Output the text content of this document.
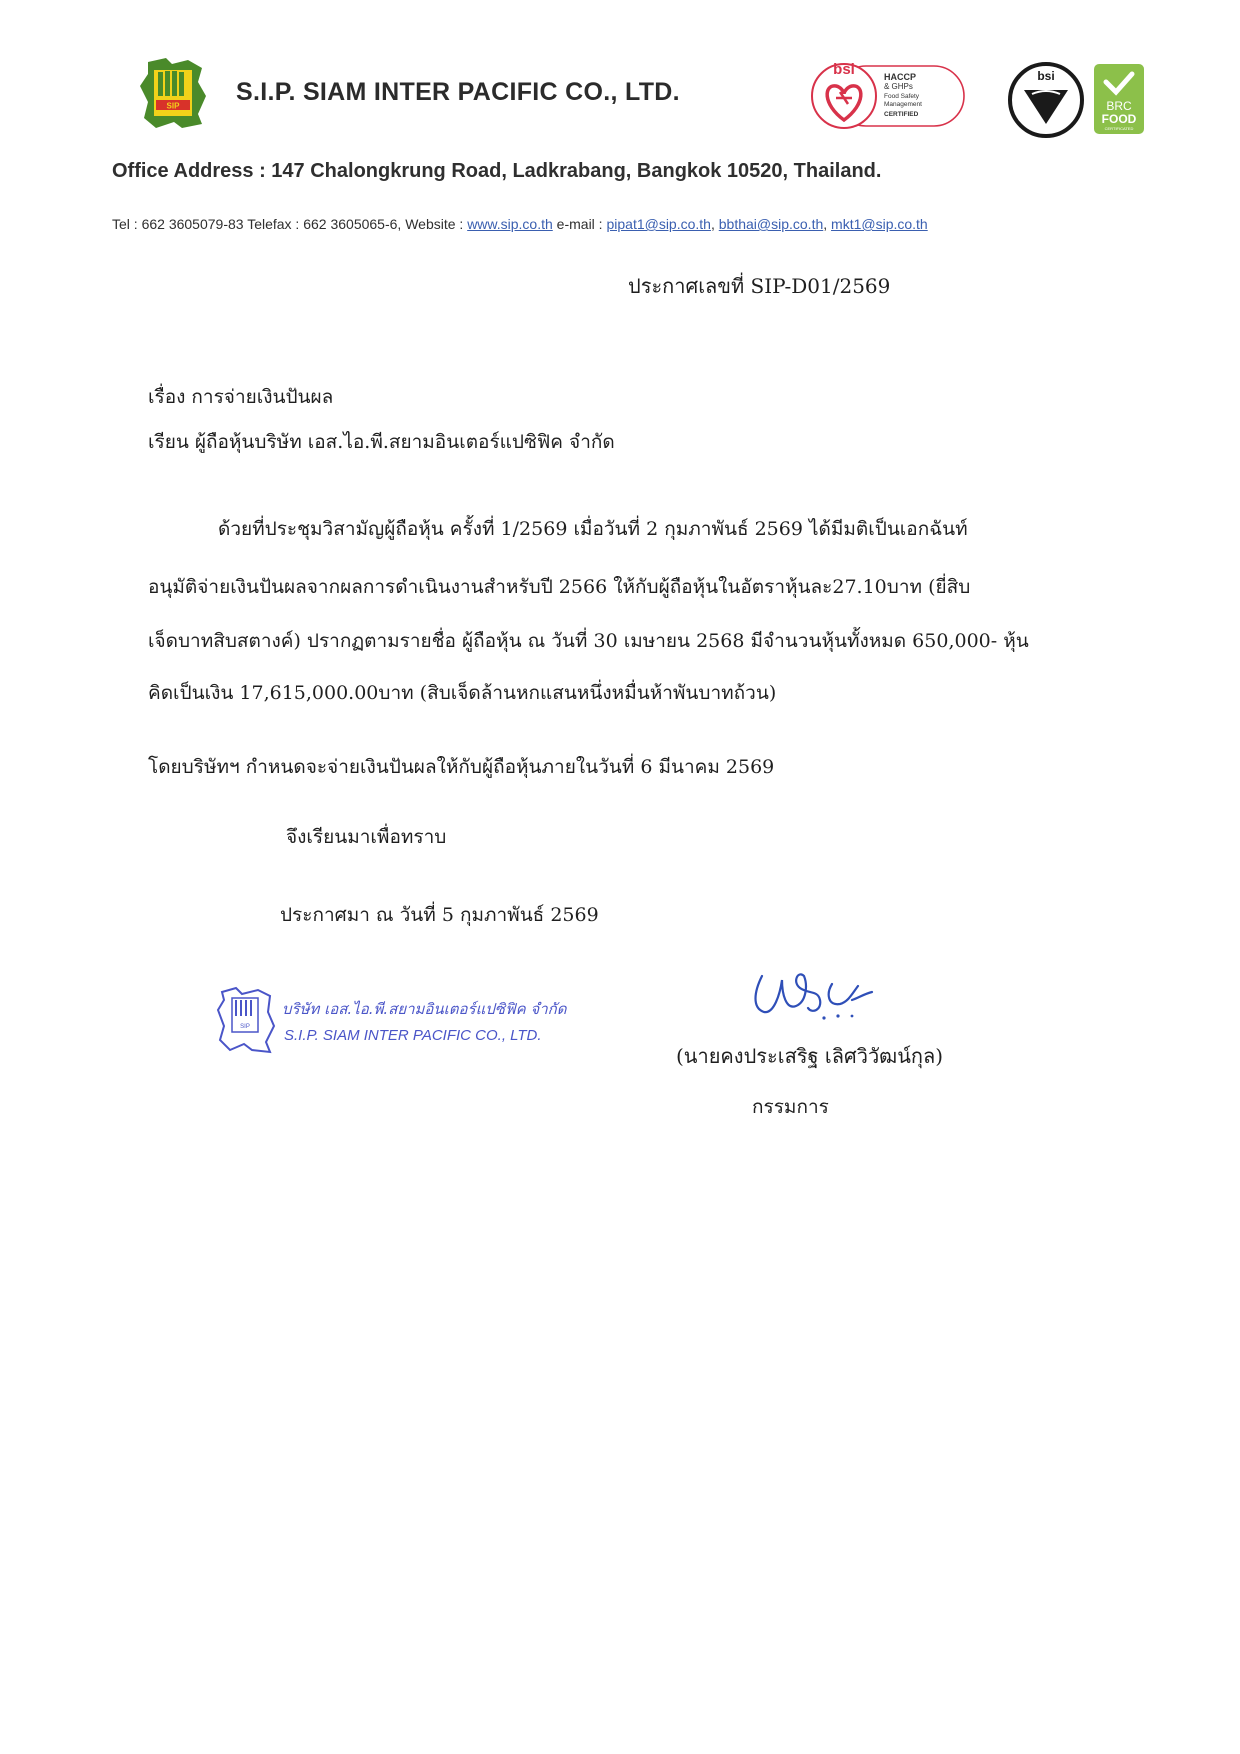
SIP S.I.P. SIAM INTER PACIFIC CO., LTD.
bsi	HACCP
& GHPs
Food Safety
Management
CERTIFIED
bsi
BRC
FOOD
CERTIFICATED
Office Address : 147 Chalongkrung Road, Ladkrabang, Bangkok 10520, Thailand.
Tel : 662 3605079-83 Telefax : 662 3605065-6, Website : www.sip.co.th e-mail : pipat1@sip.co.th, bbthai@sip.co.th, mkt1@sip.co.th
ประกาศเลขที่ SIP-D01/2569
เรื่อง การจ่ายเงินปันผล
เรียน ผู้ถือหุ้นบริษัท เอส.ไอ.พี.สยามอินเตอร์แปซิฟิค จำกัด
ด้วยที่ประชุมวิสามัญผู้ถือหุ้น ครั้งที่ 1/2569 เมื่อวันที่ 2 กุมภาพันธ์ 2569 ได้มีมติเป็นเอกฉันท์
อนุมัติจ่ายเงินปันผลจากผลการดำเนินงานสำหรับปี 2566 ให้กับผู้ถือหุ้นในอัตราหุ้นละ27.10บาท (ยี่สิบ
เจ็ดบาทสิบสตางค์) ปรากฏตามรายชื่อ ผู้ถือหุ้น ณ วันที่ 30 เมษายน 2568 มีจำนวนหุ้นทั้งหมด 650,000- หุ้น
คิดเป็นเงิน 17,615,000.00บาท (สิบเจ็ดล้านหกแสนหนึ่งหมื่นห้าพันบาทถ้วน)
โดยบริษัทฯ กำหนดจะจ่ายเงินปันผลให้กับผู้ถือหุ้นภายในวันที่ 6 มีนาคม 2569
จึงเรียนมาเพื่อทราบ
ประกาศมา ณ วันที่ 5 กุมภาพันธ์ 2569
SIP
บริษัท เอส.ไอ.พี.สยามอินเตอร์แปซิฟิค จำกัด
S.I.P. SIAM INTER PACIFIC CO., LTD.
(นายคงประเสริฐ เลิศวิวัฒน์กุล)
กรรมการ
